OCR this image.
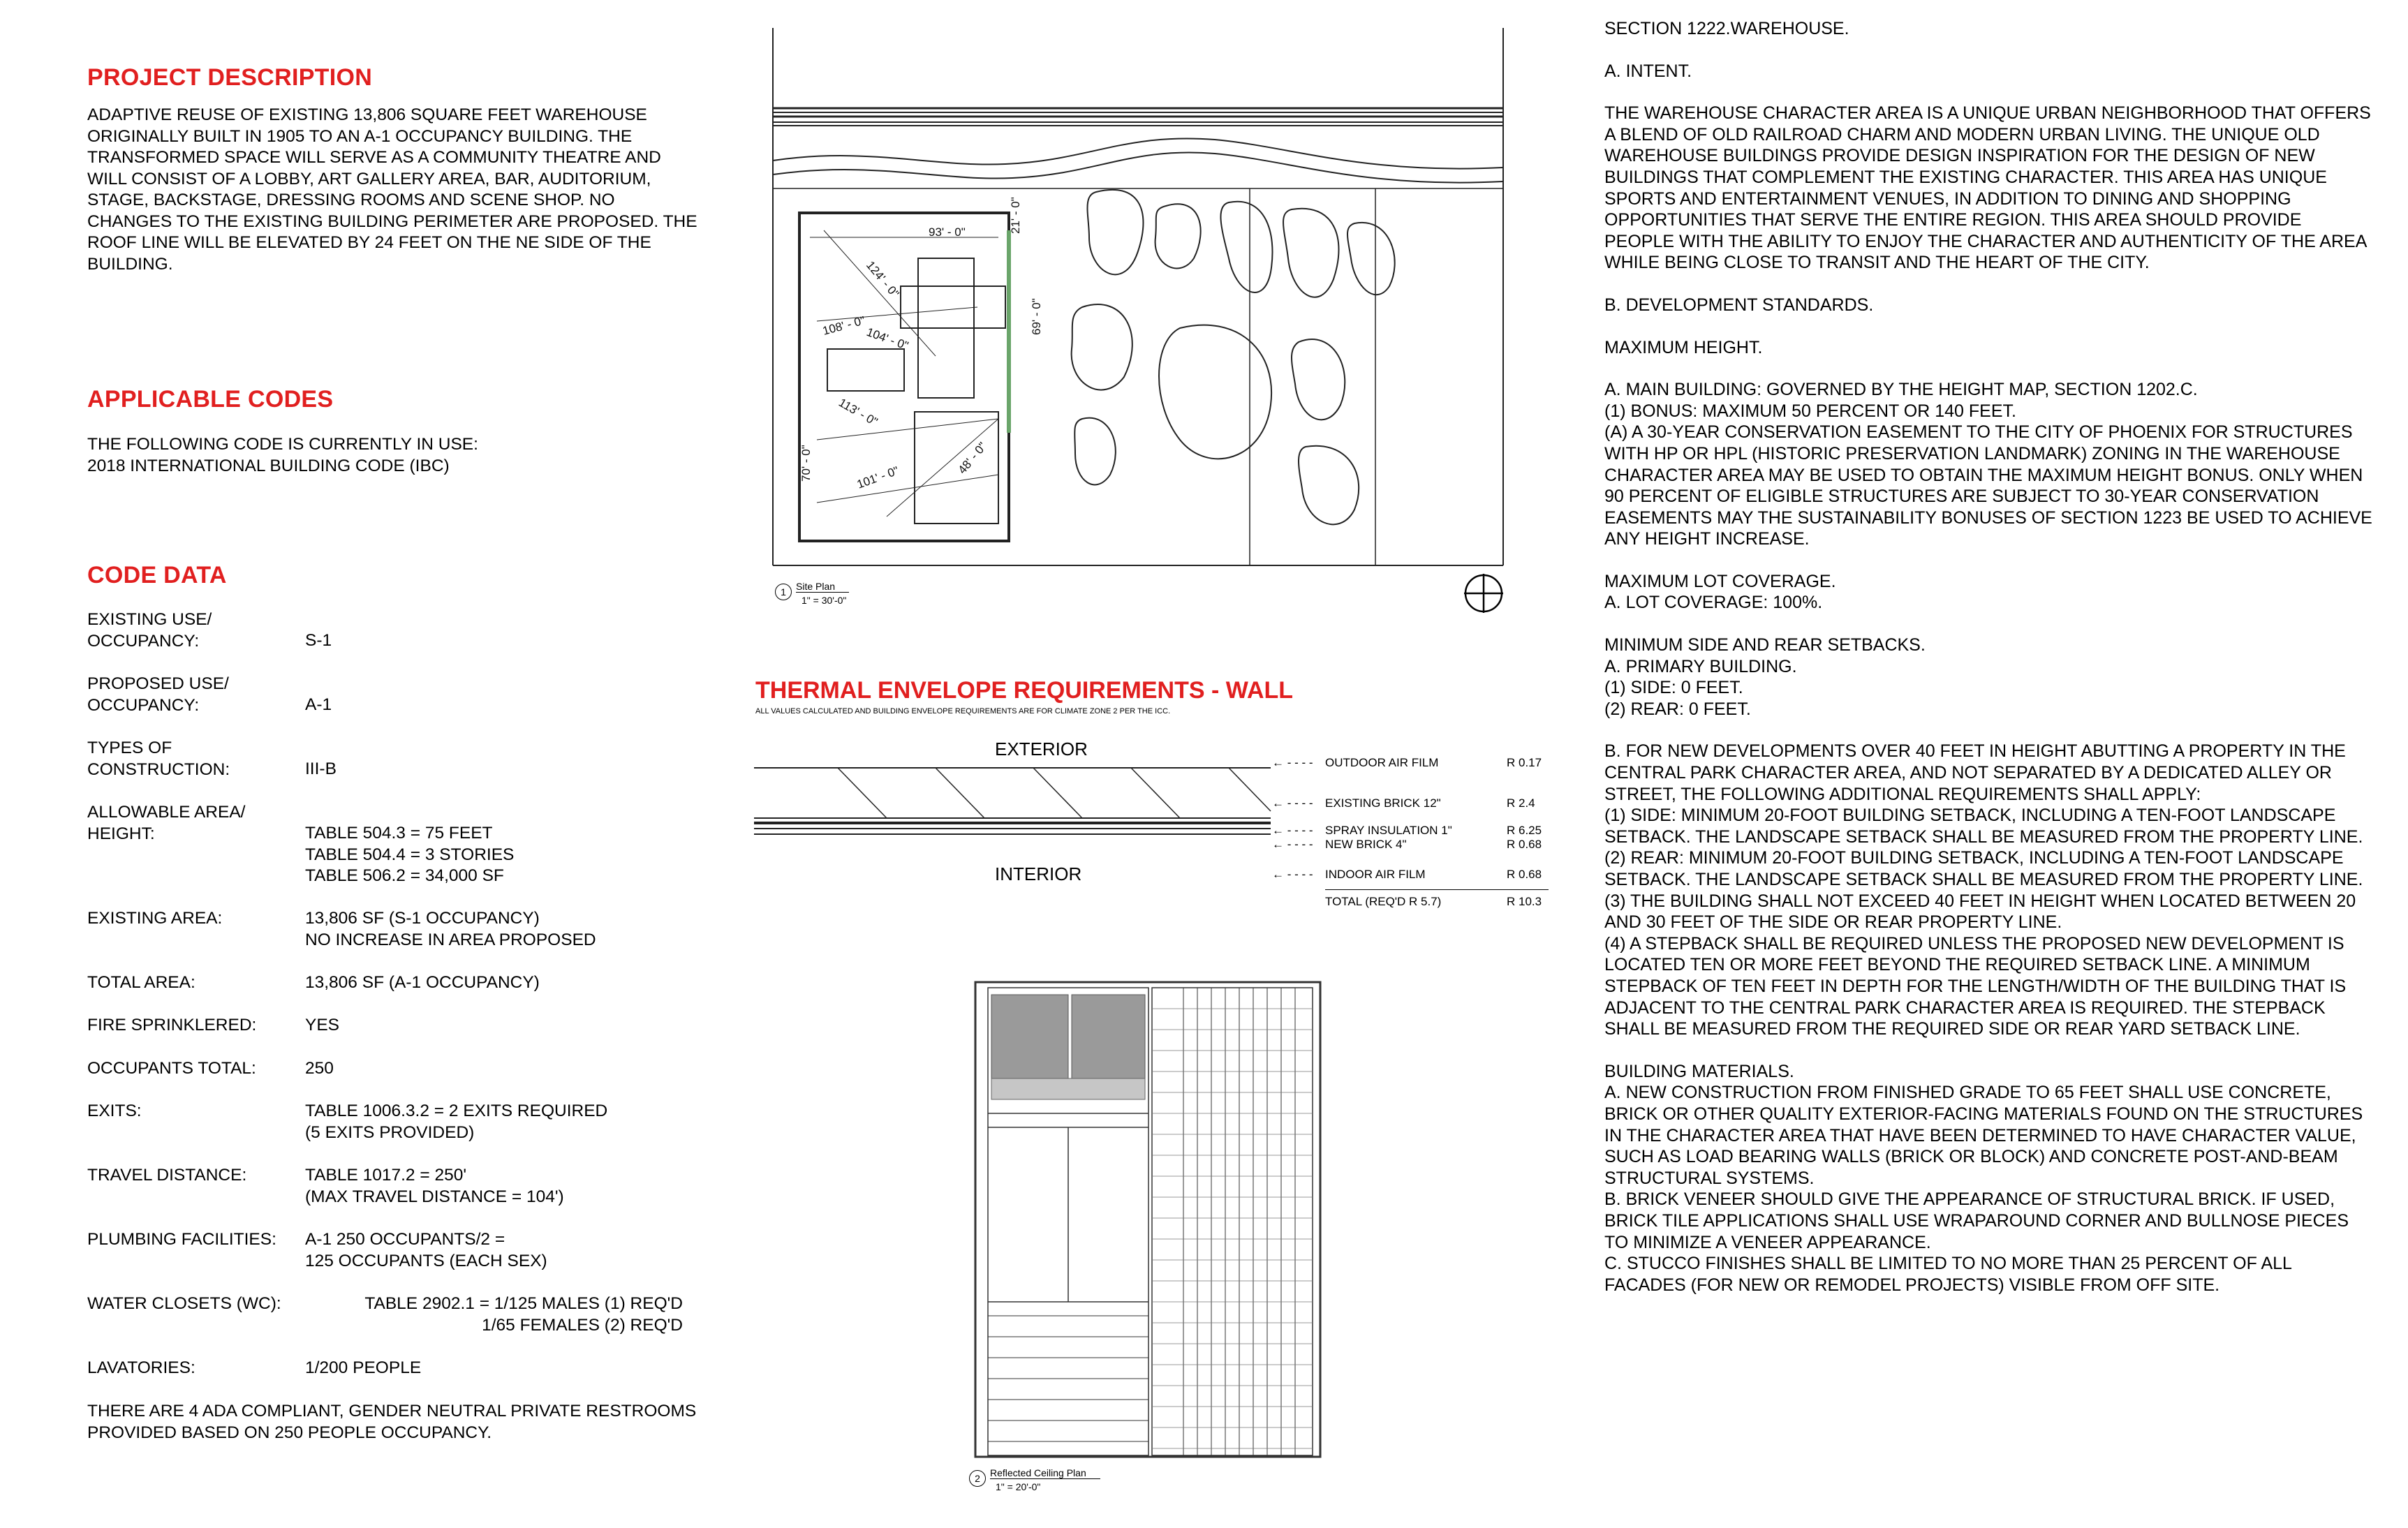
PROJECT DESCRIPTION
ADAPTIVE REUSE OF EXISTING 13,806 SQUARE FEET WAREHOUSE ORIGINALLY BUILT IN 1905 TO AN A-1 OCCUPANCY BUILDING. THE TRANSFORMED SPACE WILL SERVE AS A COMMUNITY THEATRE AND WILL CONSIST OF A LOBBY, ART GALLERY AREA, BAR, AUDITORIUM, STAGE, BACKSTAGE, DRESSING ROOMS AND SCENE SHOP. NO CHANGES TO THE EXISTING BUILDING PERIMETER ARE PROPOSED. THE ROOF LINE WILL BE ELEVATED BY 24 FEET ON THE NE SIDE OF THE BUILDING.
APPLICABLE CODES
THE FOLLOWING CODE IS CURRENTLY IN USE:
2018 INTERNATIONAL BUILDING CODE (IBC)
CODE DATA
EXISTING USE/
OCCUPANCY:	S-1
PROPOSED USE/
OCCUPANCY:	A-1
TYPES OF
CONSTRUCTION:	III-B
ALLOWABLE AREA/
HEIGHT:	TABLE 504.3 = 75 FEET
TABLE 504.4 = 3 STORIES
TABLE 506.2 = 34,000 SF
EXISTING AREA:	13,806 SF (S-1 OCCUPANCY)
NO INCREASE IN AREA PROPOSED
TOTAL AREA:	13,806 SF (A-1 OCCUPANCY)
FIRE SPRINKLERED:	YES
OCCUPANTS TOTAL:	250
EXITS:	TABLE 1006.3.2 = 2 EXITS REQUIRED
(5 EXITS PROVIDED)
TRAVEL DISTANCE:	TABLE 1017.2 = 250'
(MAX TRAVEL DISTANCE = 104')
PLUMBING FACILITIES:	A-1 250 OCCUPANTS/2 =
125 OCCUPANTS (EACH SEX)
WATER CLOSETS (WC):	TABLE 2902.1 = 1/125 MALES (1) REQ'D
1/65 FEMALES (2) REQ'D
LAVATORIES:	1/200 PEOPLE
THERE ARE 4 ADA COMPLIANT, GENDER NEUTRAL PRIVATE RESTROOMS PROVIDED BASED ON 250 PEOPLE OCCUPANCY.
93' - 0"
124' - 0"
108' - 0"
104' - 0"
69' - 0"
113' - 0"
70' - 0"	101' - 0"
48' - 0"
21' - 0"
1	Site Plan
1" = 30'-0"
THERMAL ENVELOPE REQUIREMENTS - WALL
ALL VALUES CALCULATED AND BUILDING ENVELOPE REQUIREMENTS ARE FOR CLIMATE ZONE 2 PER THE ICC.
EXTERIOR
INTERIOR
← - - - - OUTDOOR AIR FILM	R 0.17
← - - - - EXISTING BRICK 12"	R 2.4
← - - - - SPRAY INSULATION 1"	R 6.25
← - - - - NEW BRICK 4"	R 0.68
← - - - - INDOOR AIR FILM	R 0.68
TOTAL (REQ'D R 5.7)	R 10.3
2	Reflected Ceiling Plan
1" = 20'-0"

SECTION 1222.WAREHOUSE.

A. INTENT.

THE WAREHOUSE CHARACTER AREA IS A UNIQUE URBAN NEIGHBORHOOD THAT OFFERS A BLEND OF OLD RAILROAD CHARM AND MODERN URBAN LIVING. THE UNIQUE OLD WAREHOUSE BUILDINGS PROVIDE DESIGN INSPIRATION FOR THE DESIGN OF NEW BUILDINGS THAT COMPLEMENT THE EXISTING CHARACTER. THIS AREA HAS UNIQUE SPORTS AND ENTERTAINMENT VENUES, IN ADDITION TO DINING AND SHOPPING OPPORTUNITIES THAT SERVE THE ENTIRE REGION. THIS AREA SHOULD PROVIDE PEOPLE WITH THE ABILITY TO ENJOY THE CHARACTER AND AUTHENTICITY OF THE AREA WHILE BEING CLOSE TO TRANSIT AND THE HEART OF THE CITY.

B. DEVELOPMENT STANDARDS.

MAXIMUM HEIGHT.

A. MAIN BUILDING: GOVERNED BY THE HEIGHT MAP, SECTION 1202.C.
(1) BONUS: MAXIMUM 50 PERCENT OR 140 FEET.
(A) A 30-YEAR CONSERVATION EASEMENT TO THE CITY OF PHOENIX FOR STRUCTURES WITH HP OR HPL (HISTORIC PRESERVATION LANDMARK) ZONING IN THE WAREHOUSE CHARACTER AREA MAY BE USED TO OBTAIN THE MAXIMUM HEIGHT BONUS. ONLY WHEN 90 PERCENT OF ELIGIBLE STRUCTURES ARE SUBJECT TO 30-YEAR CONSERVATION EASEMENTS MAY THE SUSTAINABILITY BONUSES OF SECTION 1223 BE USED TO ACHIEVE ANY HEIGHT INCREASE.

MAXIMUM LOT COVERAGE.
A. LOT COVERAGE: 100%.

MINIMUM SIDE AND REAR SETBACKS.
A. PRIMARY BUILDING.
(1) SIDE: 0 FEET.
(2) REAR: 0 FEET.

B. FOR NEW DEVELOPMENTS OVER 40 FEET IN HEIGHT ABUTTING A PROPERTY IN THE CENTRAL PARK CHARACTER AREA, AND NOT SEPARATED BY A DEDICATED ALLEY OR STREET, THE FOLLOWING ADDITIONAL REQUIREMENTS SHALL APPLY:
(1) SIDE: MINIMUM 20-FOOT BUILDING SETBACK, INCLUDING A TEN-FOOT LANDSCAPE SETBACK. THE LANDSCAPE SETBACK SHALL BE MEASURED FROM THE PROPERTY LINE.
(2) REAR: MINIMUM 20-FOOT BUILDING SETBACK, INCLUDING A TEN-FOOT LANDSCAPE SETBACK. THE LANDSCAPE SETBACK SHALL BE MEASURED FROM THE PROPERTY LINE.
(3) THE BUILDING SHALL NOT EXCEED 40 FEET IN HEIGHT WHEN LOCATED BETWEEN 20 AND 30 FEET OF THE SIDE OR REAR PROPERTY LINE.
(4) A STEPBACK SHALL BE REQUIRED UNLESS THE PROPOSED NEW DEVELOPMENT IS LOCATED TEN OR MORE FEET BEYOND THE REQUIRED SETBACK LINE. A MINIMUM STEPBACK OF TEN FEET IN DEPTH FOR THE LENGTH/WIDTH OF THE BUILDING THAT IS ADJACENT TO THE CENTRAL PARK CHARACTER AREA IS REQUIRED. THE STEPBACK SHALL BE MEASURED FROM THE REQUIRED SIDE OR REAR YARD SETBACK LINE.

BUILDING MATERIALS.
A. NEW CONSTRUCTION FROM FINISHED GRADE TO 65 FEET SHALL USE CONCRETE, BRICK OR OTHER QUALITY EXTERIOR-FACING MATERIALS FOUND ON THE STRUCTURES IN THE CHARACTER AREA THAT HAVE BEEN DETERMINED TO HAVE CHARACTER VALUE, SUCH AS LOAD BEARING WALLS (BRICK OR BLOCK) AND CONCRETE POST-AND-BEAM STRUCTURAL SYSTEMS.
B. BRICK VENEER SHOULD GIVE THE APPEARANCE OF STRUCTURAL BRICK. IF USED, BRICK TILE APPLICATIONS SHALL USE WRAPAROUND CORNER AND BULLNOSE PIECES TO MINIMIZE A VENEER APPEARANCE.
C. STUCCO FINISHES SHALL BE LIMITED TO NO MORE THAN 25 PERCENT OF ALL FACADES (FOR NEW OR REMODEL PROJECTS) VISIBLE FROM OFF SITE.
